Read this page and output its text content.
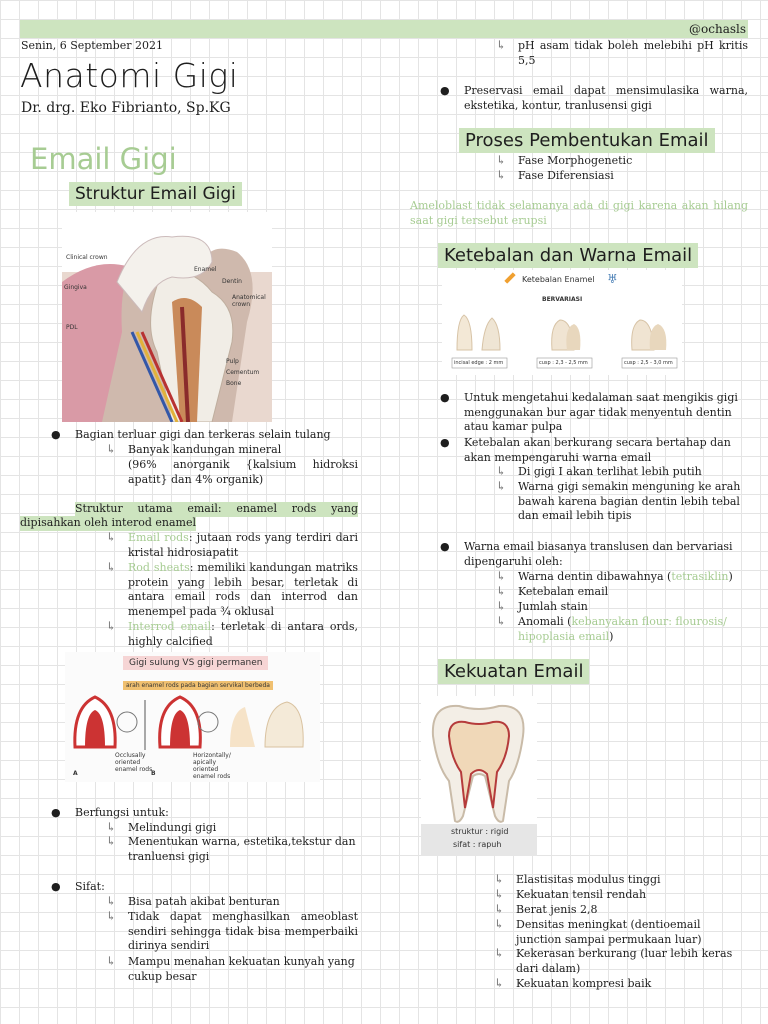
@ochasls
Senin, 6 September 2021
Anatomi Gigi
Dr. drg. Eko Fibrianto, Sp.KG
Email Gigi
Struktur Email Gigi
Clinical crown
Gingiva
PDL
Enamel
Dentin
Anatomical crown
Pulp
Cementum
Bone
● Bagian terluar gigi dan terkeras selain tulang
↳ Banyak kandungan mineral
(96% anorganik {kalsium hidroksi apatit} dan 4% organik)
Struktur utama email: enamel rods yang
dipisahkan oleh interod enamel
↳ Email rods: jutaan rods yang terdiri dari kristal hidrosiapatit
↳ Rod sheats: memiliki kandungan matriks protein yang lebih besar, terletak di antara email rods dan interrod dan menempel pada ¾ oklusal
↳ Interrod email: terletak di antara ords, highly calcified
Gigi sulung VS gigi permanen
arah enamel rods pada bagian servikal berbeda
Occlusally oriented enamel rods
Horizontally/ apically oriented enamel rods
A	B
● Berfungsi untuk:
↳ Melindungi gigi
↳ Menentukan warna, estetika,tekstur dan tranluensi gigi
● Sifat:
↳ Bisa patah akibat benturan
↳ Tidak dapat menghasilkan ameoblast sendiri sehingga tidak bisa memperbaiki dirinya sendiri
↳ Mampu menahan kekuatan kunyah yang cukup besar
↳ pH asam tidak boleh melebihi pH kritis 5,5
● Preservasi email dapat mensimulasika warna, ekstetika, kontur, tranlusensi gigi
Proses Pembentukan Email
↳ Fase Morphogenetic
↳ Fase Diferensiasi
Ameloblast tidak selamanya ada di gigi karena akan hilang saat gigi tersebut erupsi
Ketebalan dan Warna Email
Ketebalan Enamel ♅
BERVARIASI
incisal edge : 2 mm	cusp : 2,3 - 2,5 mm	cusp : 2,5 - 3,0 mm
● Untuk mengetahui kedalaman saat mengikis gigi menggunakan bur agar tidak menyentuh dentin atau kamar pulpa
● Ketebalan akan berkurang secara bertahap dan akan mempengaruhi warna email
↳ Di gigi I akan terlihat lebih putih
↳ Warna gigi semakin menguning ke arah bawah karena bagian dentin lebih tebal dan email lebih tipis
● Warna email biasanya translusen dan bervariasi dipengaruhi oleh:
↳ Warna dentin dibawahnya (tetrasiklin)
↳ Ketebalan email
↳ Jumlah stain
↳ Anomali (kebanyakan flour: flourosis/ hipoplasia email)
Kekuatan Email
struktur : rigid
sifat : rapuh
↳ Elastisitas modulus tinggi
↳ Kekuatan tensil rendah
↳ Berat jenis 2,8
↳ Densitas meningkat (dentioemail junction sampai permukaan luar)
↳ Kekerasan berkurang (luar lebih keras dari dalam)
↳ Kekuatan kompresi baik
